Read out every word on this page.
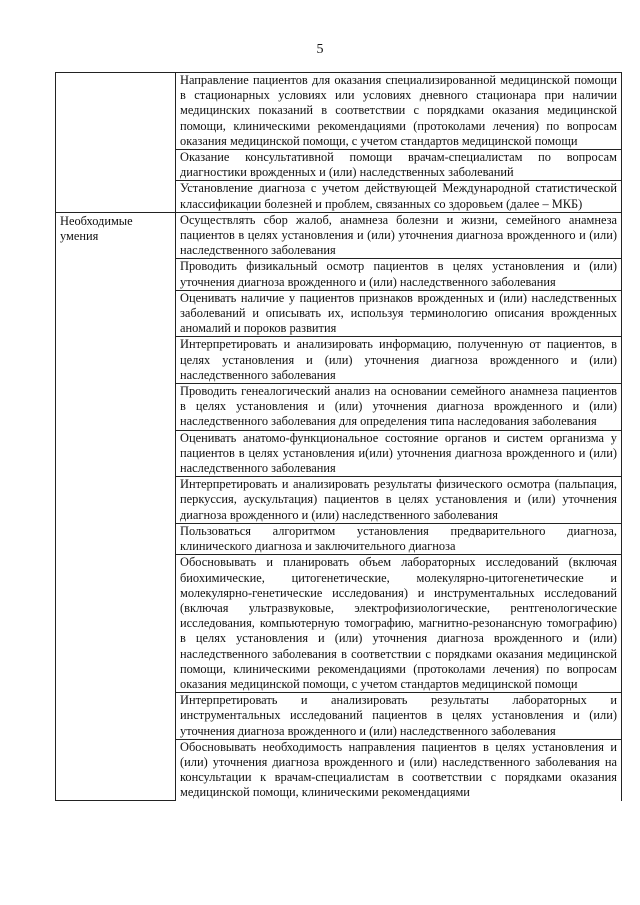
5
	Направление пациентов для оказания специализированной медицинской помощи в стационарных условиях или условиях дневного стационара при наличии медицинских показаний в соответствии с порядками оказания медицинской помощи, клиническими рекомендациями (протоколами лечения) по вопросам оказания медицинской помощи, с учетом стандартов медицинской помощи
	Оказание консультативной помощи врачам-специалистам по вопросам диагностики врожденных и (или) наследственных заболеваний
	Установление диагноза с учетом действующей Международной статистической классификации болезней и проблем, связанных со здоровьем (далее – МКБ)
Необходимые умения	Осуществлять сбор жалоб, анамнеза болезни и жизни, семейного анамнеза пациентов в целях установления и (или) уточнения диагноза врожденного и (или) наследственного заболевания
	Проводить физикальный осмотр пациентов в целях установления и (или) уточнения диагноза врожденного и (или) наследственного заболевания
	Оценивать наличие у пациентов признаков врожденных и (или) наследственных заболеваний и описывать их, используя терминологию описания врожденных аномалий и пороков развития
	Интерпретировать и анализировать информацию, полученную от пациентов, в целях установления и (или) уточнения диагноза врожденного и (или) наследственного заболевания
	Проводить генеалогический анализ на основании семейного анамнеза пациентов в целях установления и (или) уточнения диагноза врожденного и (или) наследственного заболевания для определения типа наследования заболевания
	Оценивать анатомо-функциональное состояние органов и систем организма у пациентов в целях установления и(или) уточнения диагноза врожденного и (или) наследственного заболевания
	Интерпретировать и анализировать результаты физического осмотра (пальпация, перкуссия, аускультация) пациентов в целях установления и (или) уточнения диагноза врожденного и (или) наследственного заболевания
	Пользоваться алгоритмом установления предварительного диагноза, клинического диагноза и заключительного диагноза
	Обосновывать и планировать объем лабораторных исследований (включая биохимические, цитогенетические, молекулярно-цитогенетические и молекулярно-генетические исследования) и инструментальных исследований (включая ультразвуковые, электрофизиологические, рентгенологические исследования, компьютерную томографию, магнитно-резонансную томографию) в целях установления и (или) уточнения диагноза врожденного и (или) наследственного заболевания в соответствии с порядками оказания медицинской помощи, клиническими рекомендациями (протоколами лечения) по вопросам оказания медицинской помощи, с учетом стандартов медицинской помощи
	Интерпретировать и анализировать результаты лабораторных и инструментальных исследований пациентов в целях установления и (или) уточнения диагноза врожденного и (или) наследственного заболевания
	Обосновывать необходимость направления пациентов в целях установления и (или) уточнения диагноза врожденного и (или) наследственного заболевания на консультации к врачам-специалистам в соответствии с порядками оказания медицинской помощи, клиническими рекомендациями
